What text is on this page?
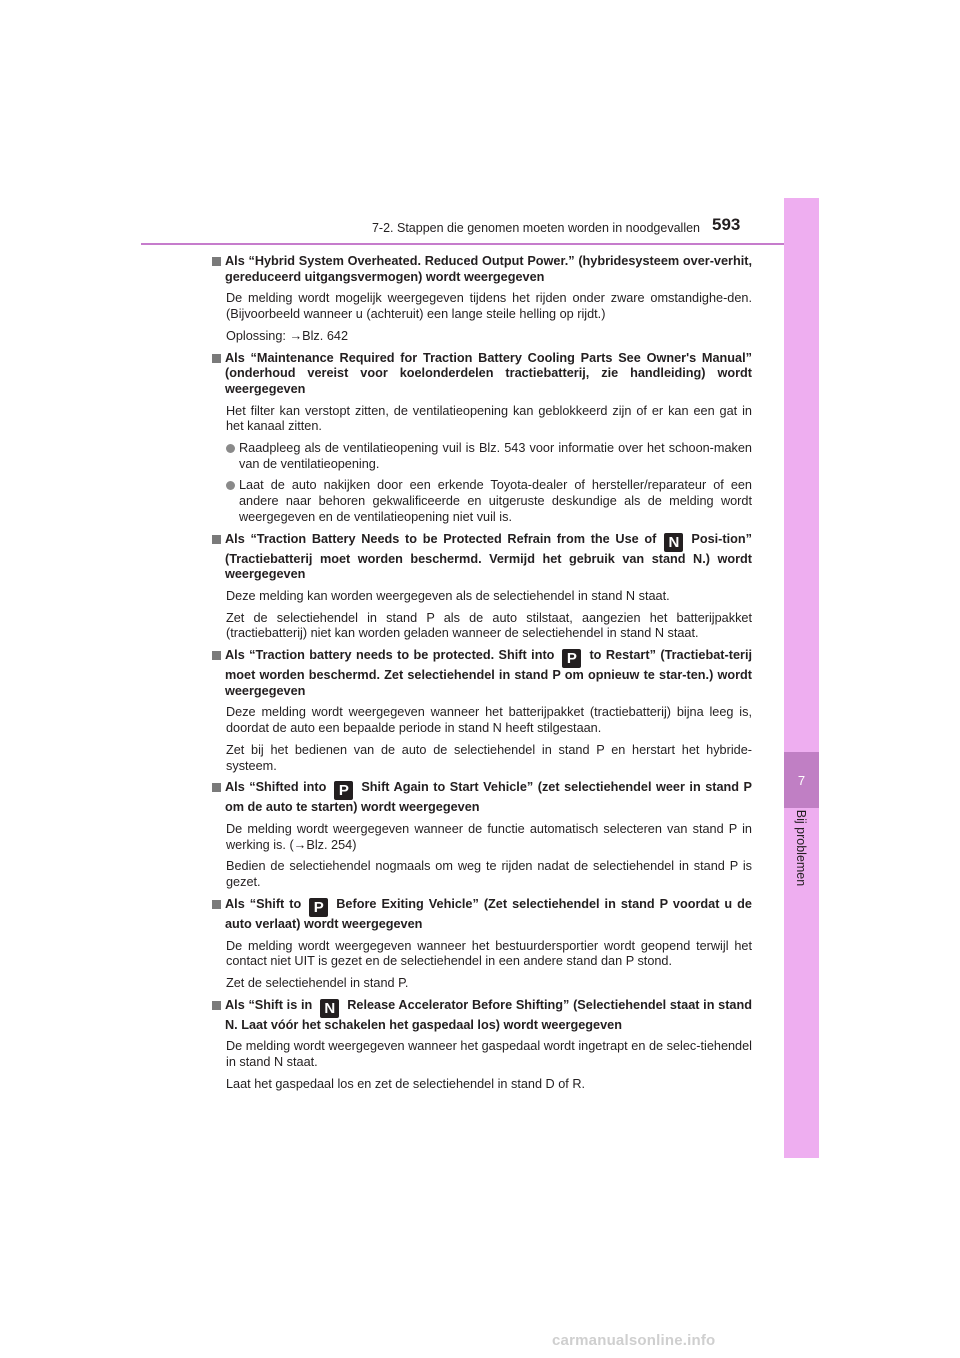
7
Bij problemen
7-2. Stappen die genomen moeten worden in noodgevallen 593
Als “Hybrid System Overheated. Reduced Output Power.” (hybridesysteem over-verhit, gereduceerd uitgangsvermogen) wordt weergegeven
De melding wordt mogelijk weergegeven tijdens het rijden onder zware omstandighe-den. (Bijvoorbeeld wanneer u (achteruit) een lange steile helling op rijdt.)
Oplossing: →Blz. 642
Als “Maintenance Required for Traction Battery Cooling Parts See Owner's Manual” (onderhoud vereist voor koelonderdelen tractiebatterij, zie handleiding) wordt weergegeven
Het filter kan verstopt zitten, de ventilatieopening kan geblokkeerd zijn of er kan een gat in het kanaal zitten.
Raadpleeg als de ventilatieopening vuil is Blz. 543 voor informatie over het schoon-maken van de ventilatieopening.
Laat de auto nakijken door een erkende Toyota-dealer of hersteller/reparateur of een andere naar behoren gekwalificeerde en uitgeruste deskundige als de melding wordt weergegeven en de ventilatieopening niet vuil is.
Als “Traction Battery Needs to be Protected Refrain from the Use of N Posi-tion” (Tractiebatterij moet worden beschermd. Vermijd het gebruik van stand N.) wordt weergegeven
Deze melding kan worden weergegeven als de selectiehendel in stand N staat.
Zet de selectiehendel in stand P als de auto stilstaat, aangezien het batterijpakket (tractiebatterij) niet kan worden geladen wanneer de selectiehendel in stand N staat.
Als “Traction battery needs to be protected. Shift into P to Restart” (Tractiebat-terij moet worden beschermd. Zet selectiehendel in stand P om opnieuw te star-ten.) wordt weergegeven
Deze melding wordt weergegeven wanneer het batterijpakket (tractiebatterij) bijna leeg is, doordat de auto een bepaalde periode in stand N heeft stilgestaan.
Zet bij het bedienen van de auto de selectiehendel in stand P en herstart het hybride-systeem.
Als “Shifted into P Shift Again to Start Vehicle” (zet selectiehendel weer in stand P om de auto te starten) wordt weergegeven
De melding wordt weergegeven wanneer de functie automatisch selecteren van stand P in werking is. (→Blz. 254)
Bedien de selectiehendel nogmaals om weg te rijden nadat de selectiehendel in stand P is gezet.
Als “Shift to P Before Exiting Vehicle” (Zet selectiehendel in stand P voordat u de auto verlaat) wordt weergegeven
De melding wordt weergegeven wanneer het bestuurdersportier wordt geopend terwijl het contact niet UIT is gezet en de selectiehendel in een andere stand dan P stond.
Zet de selectiehendel in stand P.
Als “Shift is in N Release Accelerator Before Shifting” (Selectiehendel staat in stand N. Laat vóór het schakelen het gaspedaal los) wordt weergegeven
De melding wordt weergegeven wanneer het gaspedaal wordt ingetrapt en de selec-tiehendel in stand N staat.
Laat het gaspedaal los en zet de selectiehendel in stand D of R.
carmanualsonline.info
